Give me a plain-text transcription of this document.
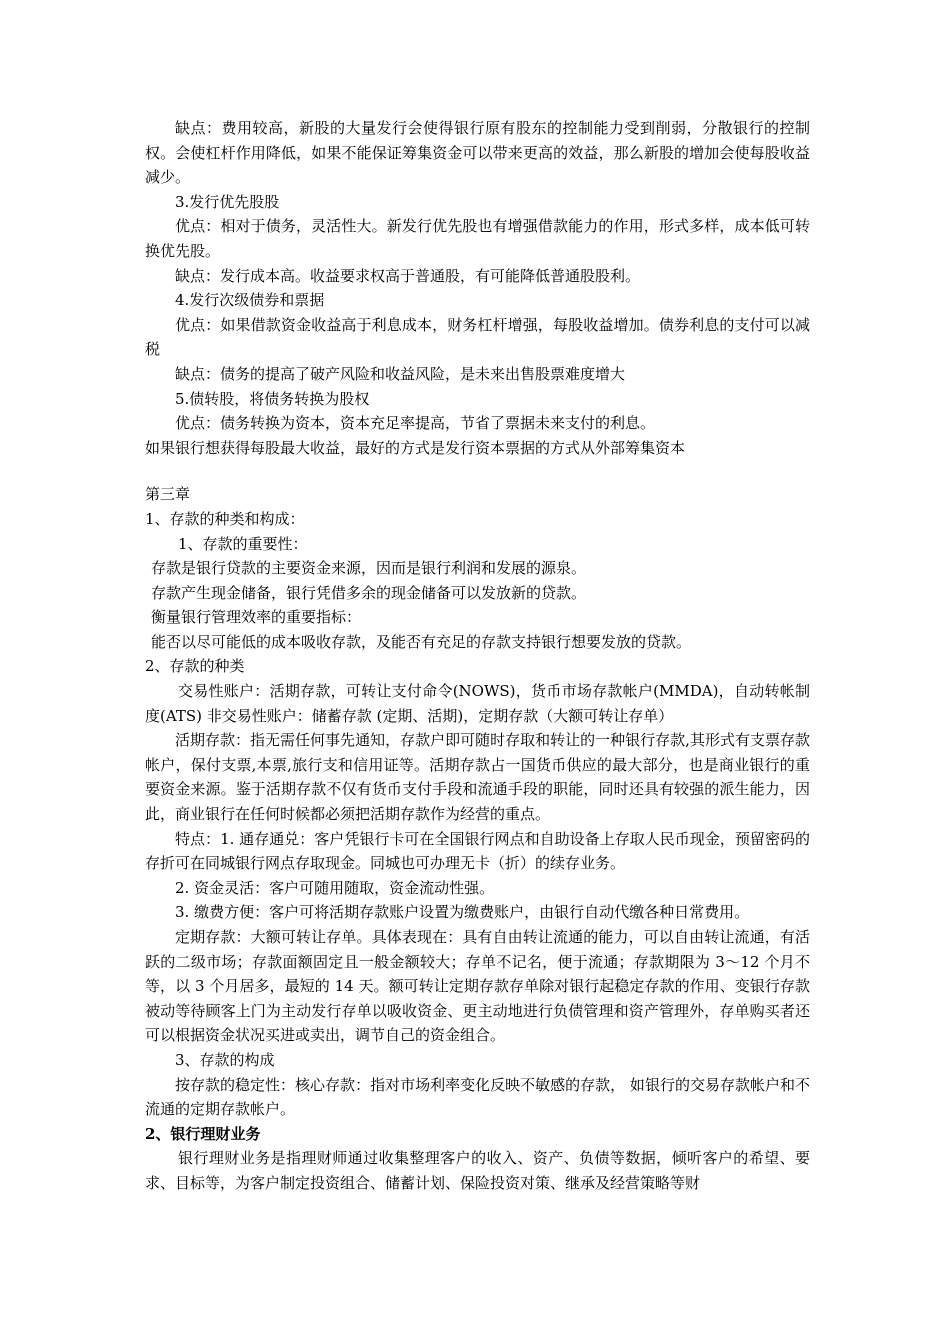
缺点：费用较高，新股的大量发行会使得银行原有股东的控制能力受到削弱，分散银行的控制权。会使杠杆作用降低，如果不能保证筹集资金可以带来更高的效益，那么新股的增加会使每股收益减少。

3.发行优先股股

优点：相对于债务，灵活性大。新发行优先股也有增强借款能力的作用，形式多样，成本低可转换优先股。

缺点：发行成本高。收益要求权高于普通股，有可能降低普通股股利。

4.发行次级债券和票据

优点：如果借款资金收益高于利息成本，财务杠杆增强，每股收益增加。债券利息的支付可以减税

缺点：债务的提高了破产风险和收益风险，是未来出售股票难度增大

5.债转股，将债务转换为股权

优点：债务转换为资本，资本充足率提高，节省了票据未来支付的利息。

如果银行想获得每股最大收益，最好的方式是发行资本票据的方式从外部筹集资本

第三章

1、存款的种类和构成：

1、存款的重要性：

存款是银行贷款的主要资金来源，因而是银行利润和发展的源泉。

存款产生现金储备，银行凭借多余的现金储备可以发放新的贷款。

衡量银行管理效率的重要指标：

能否以尽可能低的成本吸收存款，及能否有充足的存款支持银行想要发放的贷款。

2、存款的种类

交易性账户：活期存款，可转让支付命令(NOWS)，货币市场存款帐户(MMDA)，自动转帐制度(ATS) 非交易性账户：储蓄存款 (定期、活期)，定期存款（大额可转让存单）

活期存款：指无需任何事先通知，存款户即可随时存取和转让的一种银行存款,其形式有支票存款帐户，保付支票,本票,旅行支和信用证等。活期存款占一国货币供应的最大部分，也是商业银行的重要资金来源。鉴于活期存款不仅有货币支付手段和流通手段的职能，同时还具有较强的派生能力，因此，商业银行在任何时候都必须把活期存款作为经营的重点。

特点：1. 通存通兑：客户凭银行卡可在全国银行网点和自助设备上存取人民币现金，预留密码的存折可在同城银行网点存取现金。同城也可办理无卡（折）的续存业务。

2. 资金灵活：客户可随用随取，资金流动性强。

3. 缴费方便：客户可将活期存款账户设置为缴费账户，由银行自动代缴各种日常费用。

定期存款：大额可转让存单。具体表现在：具有自由转让流通的能力，可以自由转让流通，有活跃的二级市场；存款面额固定且一般金额较大；存单不记名，便于流通；存款期限为 3～12 个月不等，以 3 个月居多，最短的 14 天。额可转让定期存款存单除对银行起稳定存款的作用、变银行存款被动等待顾客上门为主动发行存单以吸收资金、更主动地进行负债管理和资产管理外，存单购买者还可以根据资金状况买进或卖出，调节自己的资金组合。

3、存款的构成

按存款的稳定性：核心存款：指对市场利率变化反映不敏感的存款， 如银行的交易存款帐户和不流通的定期存款帐户。

2、银行理财业务

银行理财业务是指理财师通过收集整理客户的收入、资产、负债等数据，倾听客户的希望、要求、目标等，为客户制定投资组合、储蓄计划、保险投资对策、继承及经营策略等财
